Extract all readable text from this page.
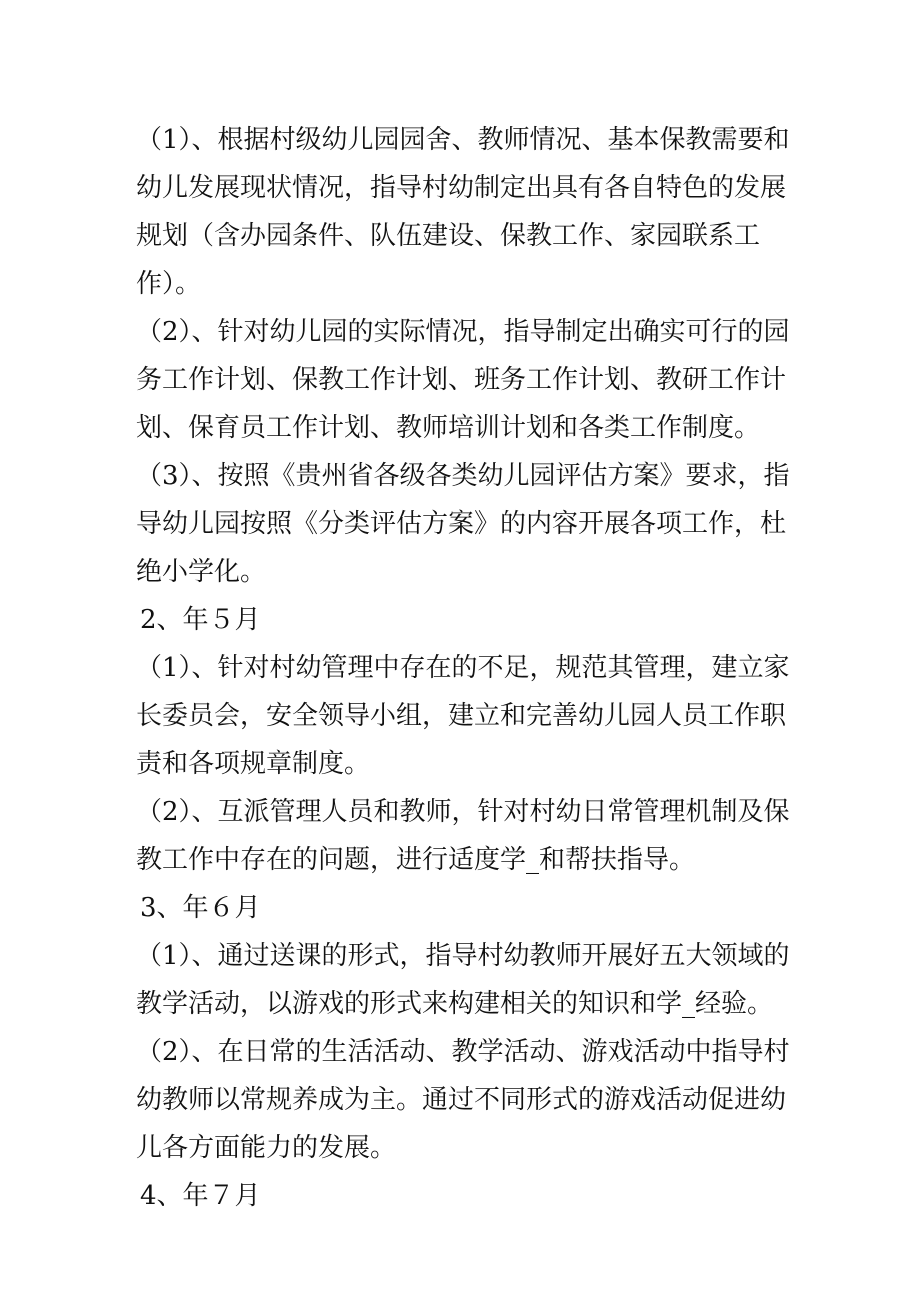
（1）、根据村级幼儿园园舍、教师情况、基本保教需要和幼儿发展现状情况，指导村幼制定出具有各自特色的发展规划（含办园条件、队伍建设、保教工作、家园联系工作）。

（2）、针对幼儿园的实际情况，指导制定出确实可行的园务工作计划、保教工作计划、班务工作计划、教研工作计划、保育员工作计划、教师培训计划和各类工作制度。

（3）、按照《贵州省各级各类幼儿园评估方案》要求，指导幼儿园按照《分类评估方案》的内容开展各项工作，杜绝小学化。

2、年５月

（1）、针对村幼管理中存在的不足，规范其管理，建立家长委员会，安全领导小组，建立和完善幼儿园人员工作职责和各项规章制度。

（2）、互派管理人员和教师，针对村幼日常管理机制及保教工作中存在的问题，进行适度学_和帮扶指导。

3、年６月

（1）、通过送课的形式，指导村幼教师开展好五大领域的教学活动，以游戏的形式来构建相关的知识和学_经验。

（2）、在日常的生活活动、教学活动、游戏活动中指导村幼教师以常规养成为主。通过不同形式的游戏活动促进幼儿各方面能力的发展。

4、年７月
